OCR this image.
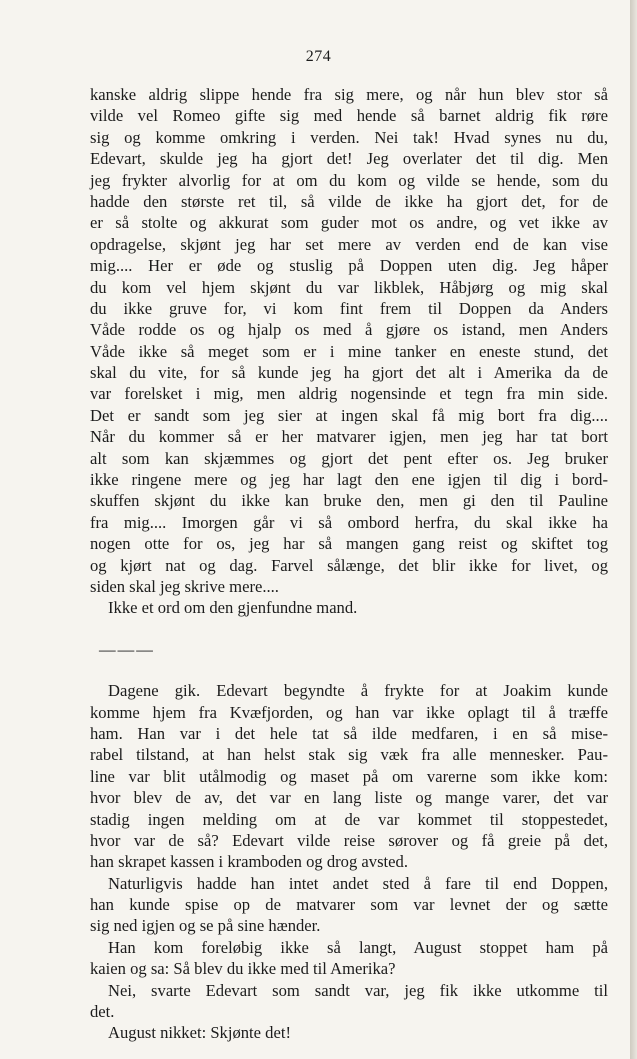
274
kanske aldrig slippe hende fra sig mere, og når hun blev stor så
vilde vel Romeo gifte sig med hende så barnet aldrig fik røre
sig og komme omkring i verden. Nei tak! Hvad synes nu du,
Edevart, skulde jeg ha gjort det! Jeg overlater det til dig. Men
jeg frykter alvorlig for at om du kom og vilde se hende, som du
hadde den største ret til, så vilde de ikke ha gjort det, for de
er så stolte og akkurat som guder mot os andre, og vet ikke av
opdragelse, skjønt jeg har set mere av verden end de kan vise
mig.... Her er øde og stuslig på Doppen uten dig. Jeg håper
du kom vel hjem skjønt du var likblek, Håbjørg og mig skal
du ikke gruve for, vi kom fint frem til Doppen da Anders
Våde rodde os og hjalp os med å gjøre os istand, men Anders
Våde ikke så meget som er i mine tanker en eneste stund, det
skal du vite, for så kunde jeg ha gjort det alt i Amerika da de
var forelsket i mig, men aldrig nogensinde et tegn fra min side.
Det er sandt som jeg sier at ingen skal få mig bort fra dig....
Når du kommer så er her matvarer igjen, men jeg har tat bort
alt som kan skjæmmes og gjort det pent efter os. Jeg bruker
ikke ringene mere og jeg har lagt den ene igjen til dig i bord-
skuffen skjønt du ikke kan bruke den, men gi den til Pauline
fra mig.... Imorgen går vi så ombord herfra, du skal ikke ha
nogen otte for os, jeg har så mangen gang reist og skiftet tog
og kjørt nat og dag. Farvel sålænge, det blir ikke for livet, og
siden skal jeg skrive mere....
Ikke et ord om den gjenfundne mand.
———
Dagene gik. Edevart begyndte å frykte for at Joakim kunde
komme hjem fra Kvæfjorden, og han var ikke oplagt til å træffe
ham. Han var i det hele tat så ilde medfaren, i en så mise-
rabel tilstand, at han helst stak sig væk fra alle mennesker. Pau-
line var blit utålmodig og maset på om varerne som ikke kom:
hvor blev de av, det var en lang liste og mange varer, det var
stadig ingen melding om at de var kommet til stoppestedet,
hvor var de så? Edevart vilde reise sørover og få greie på det,
han skrapet kassen i kramboden og drog avsted.
Naturligvis hadde han intet andet sted å fare til end Doppen,
han kunde spise op de matvarer som var levnet der og sætte
sig ned igjen og se på sine hænder.
Han kom foreløbig ikke så langt, August stoppet ham på
kaien og sa: Så blev du ikke med til Amerika?
Nei, svarte Edevart som sandt var, jeg fik ikke utkomme til
det.
August nikket: Skjønte det!
